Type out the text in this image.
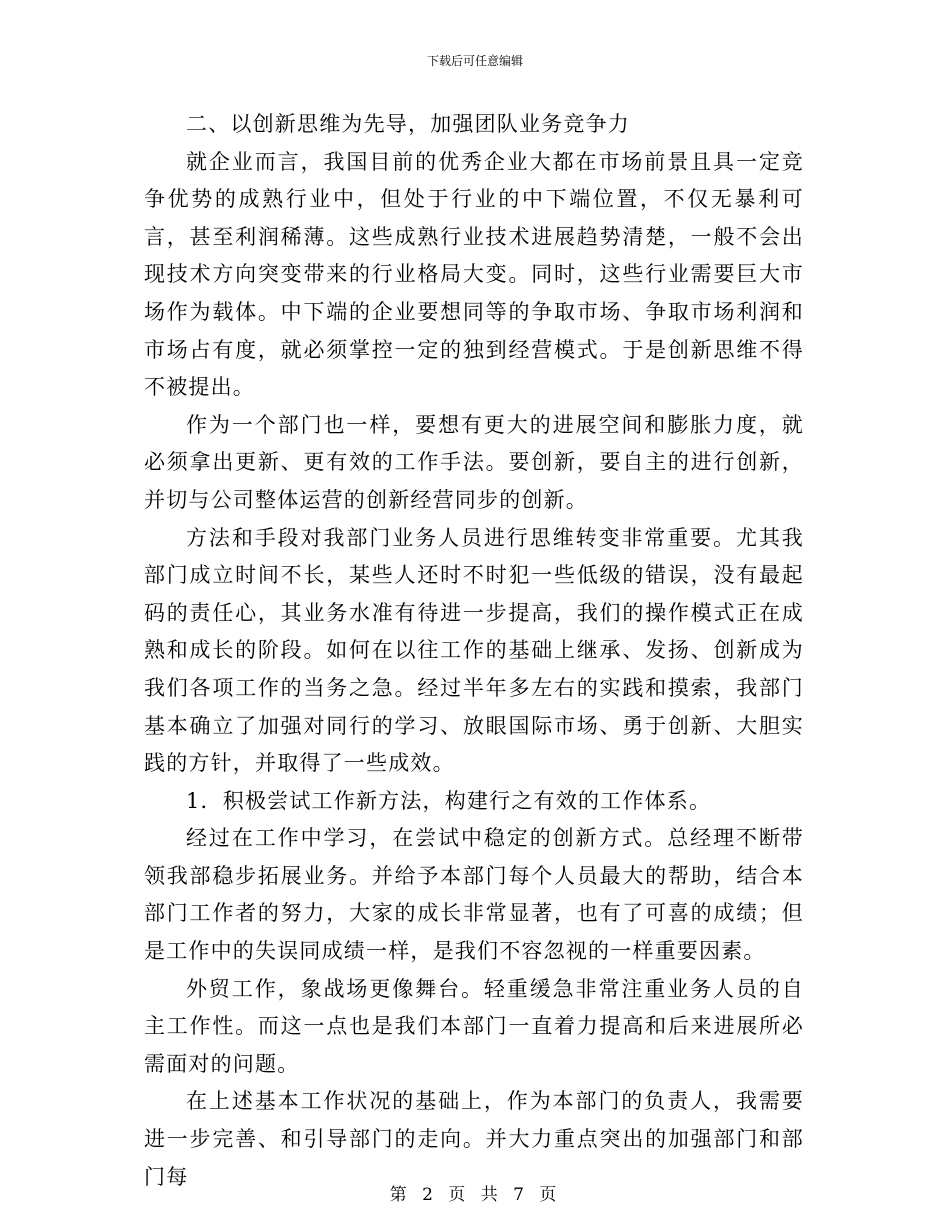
下载后可任意编辑

二、以创新思维为先导，加强团队业务竞争力

就企业而言，我国目前的优秀企业大都在市场前景且具一定竞争优势的成熟行业中，但处于行业的中下端位置，不仅无暴利可言，甚至利润稀薄。这些成熟行业技术进展趋势清楚，一般不会出现技术方向突变带来的行业格局大变。同时，这些行业需要巨大市场作为载体。中下端的企业要想同等的争取市场、争取市场利润和市场占有度，就必须掌控一定的独到经营模式。于是创新思维不得不被提出。

作为一个部门也一样，要想有更大的进展空间和膨胀力度，就必须拿出更新、更有效的工作手法。要创新，要自主的进行创新，并切与公司整体运营的创新经营同步的创新。

方法和手段对我部门业务人员进行思维转变非常重要。尤其我部门成立时间不长，某些人还时不时犯一些低级的错误，没有最起码的责任心，其业务水准有待进一步提高，我们的操作模式正在成熟和成长的阶段。如何在以往工作的基础上继承、发扬、创新成为我们各项工作的当务之急。经过半年多左右的实践和摸索，我部门基本确立了加强对同行的学习、放眼国际市场、勇于创新、大胆实践的方针，并取得了一些成效。

1．积极尝试工作新方法，构建行之有效的工作体系。

经过在工作中学习，在尝试中稳定的创新方式。总经理不断带领我部稳步拓展业务。并给予本部门每个人员最大的帮助，结合本部门工作者的努力，大家的成长非常显著，也有了可喜的成绩；但是工作中的失误同成绩一样，是我们不容忽视的一样重要因素。

外贸工作，象战场更像舞台。轻重缓急非常注重业务人员的自主工作性。而这一点也是我们本部门一直着力提高和后来进展所必需面对的问题。

在上述基本工作状况的基础上，作为本部门的负责人，我需要进一步完善、和引导部门的走向。并大力重点突出的加强部门和部门每

第 2 页 共 7 页
